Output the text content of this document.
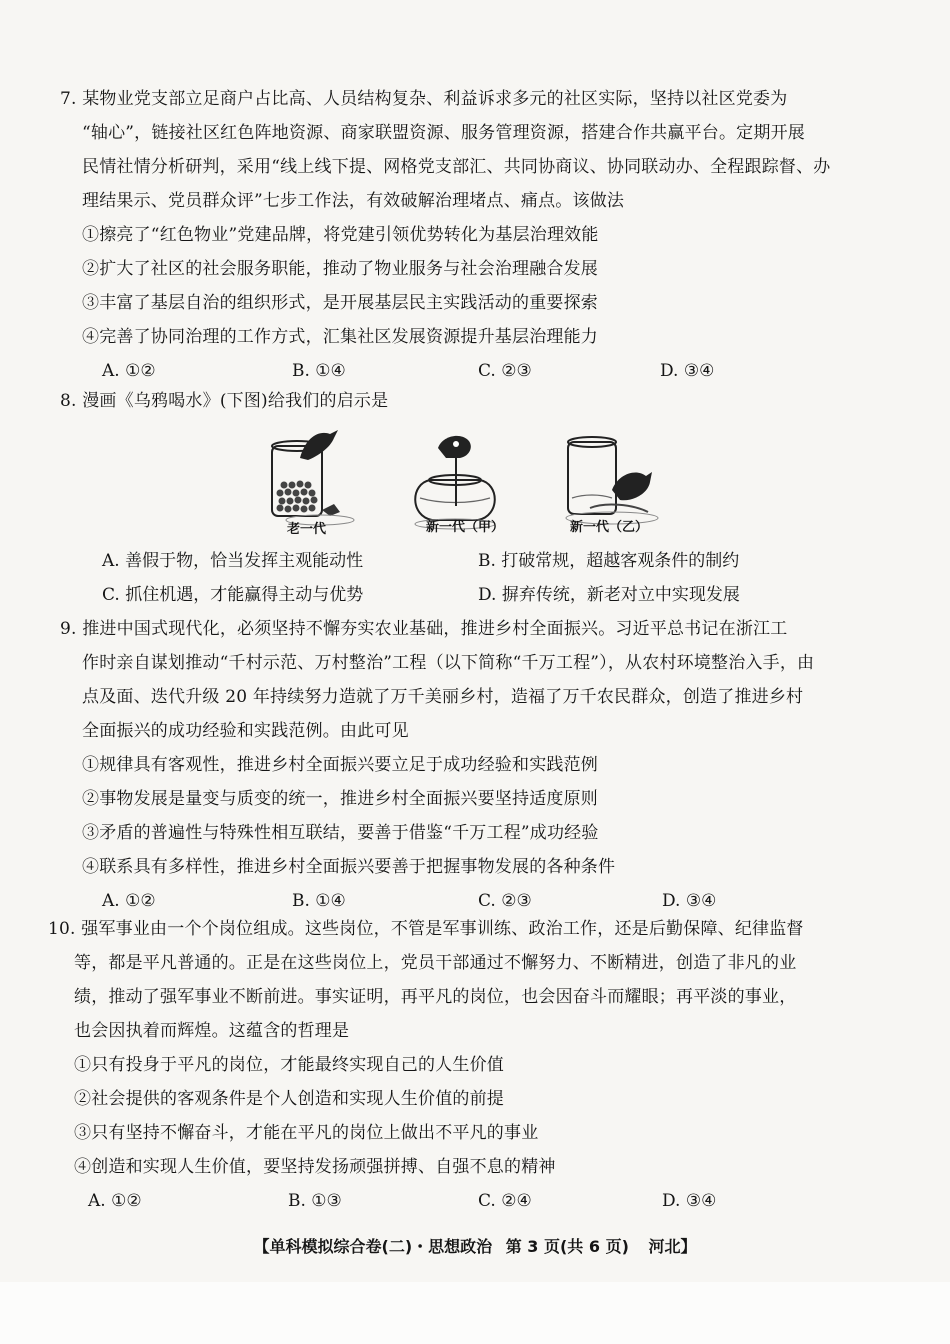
7. 某物业党支部立足商户占比高、人员结构复杂、利益诉求多元的社区实际，坚持以社区党委为
“轴心”，链接社区红色阵地资源、商家联盟资源、服务管理资源，搭建合作共赢平台。定期开展
民情社情分析研判，采用“线上线下提、网格党支部汇、共同协商议、协同联动办、全程跟踪督、办
理结果示、党员群众评”七步工作法，有效破解治理堵点、痛点。该做法
①擦亮了“红色物业”党建品牌，将党建引领优势转化为基层治理效能
②扩大了社区的社会服务职能，推动了物业服务与社会治理融合发展
③丰富了基层自治的组织形式，是开展基层民主实践活动的重要探索
④完善了协同治理的工作方式，汇集社区发展资源提升基层治理能力
A. ①②	B. ①④	C. ②③	D. ③④
8. 漫画《乌鸦喝水》(下图)给我们的启示是
老一代	新一代（甲）	新一代（乙）
A. 善假于物，恰当发挥主观能动性	B. 打破常规，超越客观条件的制约
C. 抓住机遇，才能赢得主动与优势	D. 摒弃传统，新老对立中实现发展
9. 推进中国式现代化，必须坚持不懈夯实农业基础，推进乡村全面振兴。习近平总书记在浙江工
作时亲自谋划推动“千村示范、万村整治”工程（以下简称“千万工程”），从农村环境整治入手，由
点及面、迭代升级 20 年持续努力造就了万千美丽乡村，造福了万千农民群众，创造了推进乡村
全面振兴的成功经验和实践范例。由此可见
①规律具有客观性，推进乡村全面振兴要立足于成功经验和实践范例
②事物发展是量变与质变的统一，推进乡村全面振兴要坚持适度原则
③矛盾的普遍性与特殊性相互联结，要善于借鉴“千万工程”成功经验
④联系具有多样性，推进乡村全面振兴要善于把握事物发展的各种条件
A. ①②	B. ①④	C. ②③	D. ③④
10. 强军事业由一个个岗位组成。这些岗位，不管是军事训练、政治工作，还是后勤保障、纪律监督
等，都是平凡普通的。正是在这些岗位上，党员干部通过不懈努力、不断精进，创造了非凡的业
绩，推动了强军事业不断前进。事实证明，再平凡的岗位，也会因奋斗而耀眼；再平淡的事业，
也会因执着而辉煌。这蕴含的哲理是
①只有投身于平凡的岗位，才能最终实现自己的人生价值
②社会提供的客观条件是个人创造和实现人生价值的前提
③只有坚持不懈奋斗，才能在平凡的岗位上做出不平凡的事业
④创造和实现人生价值，要坚持发扬顽强拼搏、自强不息的精神
A. ①②	B. ①③	C. ②④	D. ③④
【单科模拟综合卷(二)・思想政治 第 3 页(共 6 页) 河北】
